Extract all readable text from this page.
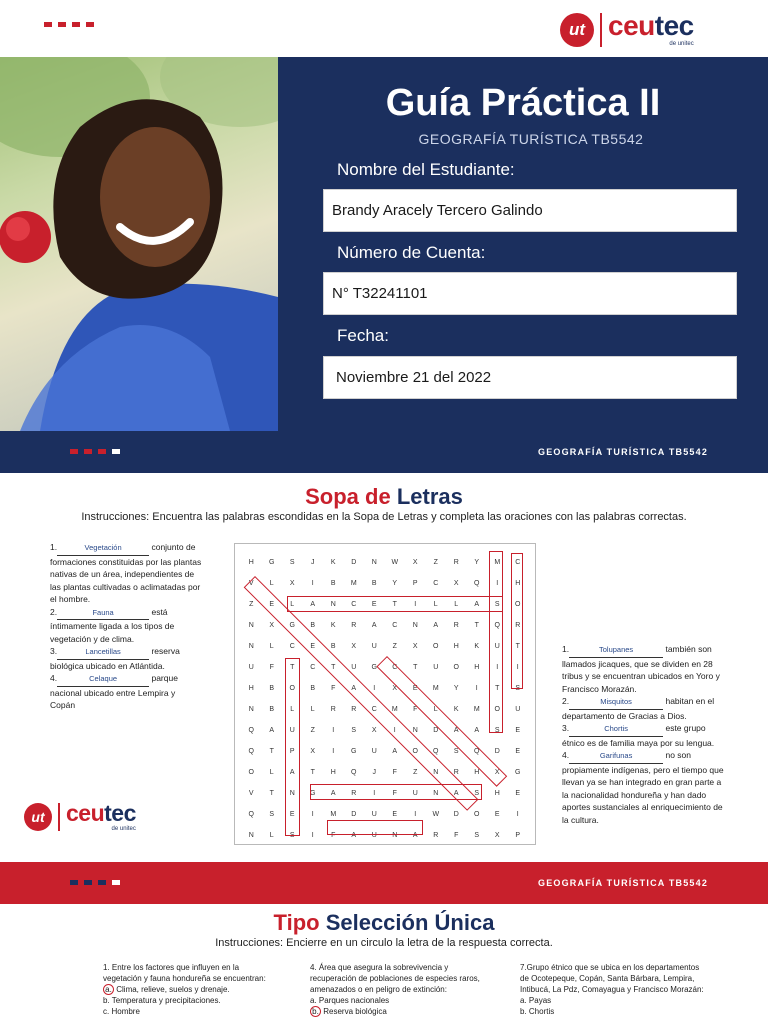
ut ceutec
de unitec
Guía Práctica II
GEOGRAFÍA TURÍSTICA TB5542
Nombre del Estudiante:
Brandy Aracely Tercero Galindo
Número de Cuenta:
N° T32241101
Fecha:
Noviembre 21 del 2022
GEOGRAFÍA TURÍSTICA TB5542
Sopa de Letras
Instrucciones: Encuentra las palabras escondidas en la Sopa de Letras y completa las oraciones con las palabras correctas.
1.	Vegetación	conjunto de formaciones constituidas por las plantas nativas de un área, independientes de las plantas cultivadas o aclimatadas por el hombre.
2.	Fauna	está íntimamente ligada a los tipos de vegetación y de clima.
3.	Lancetillas	reserva biológica ubicado en Atlántida.
4.	Celaque	parque nacional ubicado entre Lempira y Copán
H	G	S	J	K	D	N	W	X	Z	R	Y	M	C
V	L	X	I	B	M	B	Y	P	C	X	Q	I	H
Z	E	L	A	N	C	E	T	I	L	L	A	S	O
N	X	G	B	K	R	A	C	N	A	R	T	Q	R
N	L	C	E	B	X	U	Z	X	O	H	K	U	T
U	F	T	C	T	U	G	C	T	U	O	H	I	I
H	B	O	B	F	A	I	X	E	M	Y	I	T	S
N	B	L	L	R	R	C	M	F	L	K	M	O	U
Q	A	U	Z	I	S	X	I	N	D	A	A	S	E
Q	T	P	X	I	G	U	A	O	Q	S	Q	D	E
O	L	A	T	H	Q	J	F	Z	N	R	H	X	G
V	T	N	G	A	R	I	F	U	N	A	S	H	E
Q	S	E	I	M	D	U	E	I	W	D	O	E	I
N	L	S	I	F	A	U	N	A	R	F	S	X	P
1.	Tolupanes	también son llamados jicaques, que se dividen en 28 tribus y se encuentran ubicados en Yoro y Francisco Morazán.
2.	Misquitos	habitan en el departamento de Gracias a Dios.
3.	Chortis	este grupo étnico es de familia maya por su lengua.
4.	Garifunas	no son propiamente indígenas, pero el tiempo que llevan ya se han integrado en gran parte a la nacionalidad hondureña y han dado aportes sustanciales al enriquecimiento de la cultura.
ut ceutec
de unitec
GEOGRAFÍA TURÍSTICA TB5542
Tipo Selección Única
Instrucciones: Encierre en un circulo la letra de la respuesta correcta.
1. Entre los factores que influyen en la vegetación y fauna hondureña se encuentran:
a. Clima, relieve, suelos y drenaje.
b. Temperatura y precipitaciones.
c. Hombre
4. Área que asegura la sobrevivencia y recuperación de poblaciones de especies raros, amenazados o en peligro de extinción:
a. Parques nacionales
b. Reserva biológica
7.Grupo étnico que se ubica en los departamentos de Ocotepeque, Copán, Santa Bárbara, Lempira, Intibucá, La Pdz, Comayagua y Francisco Morazán:
a. Payas
b. Chortis
